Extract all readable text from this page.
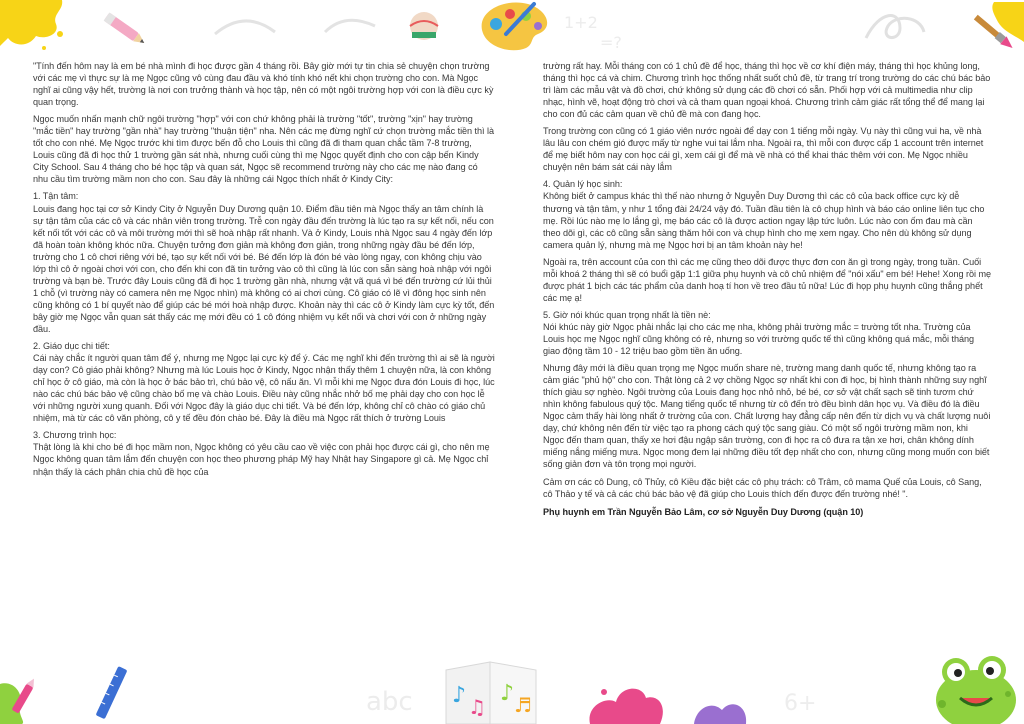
1+2
=?
abc ♪ ♫
♪ ♬	6+

"Tính đến hôm nay là em bé nhà mình đi học được gần 4 tháng rồi. Bây giờ mới tự tin chia sẻ chuyện chọn trường với các mẹ vì thực sự là mẹ Ngọc cũng vô cùng đau đầu và khó tính khó nết khi chọn trường cho con. Mà Ngọc nghĩ ai cũng vậy hết, trường là nơi con trưởng thành và học tập, nên có một ngôi trường hợp với con là điều cực kỳ quan trọng.

Ngọc muốn nhấn mạnh chữ ngôi trường "hợp" với con chứ không phải là trường "tốt", trường "xịn" hay trường "mắc tiền" hay trường "gần nhà" hay trường "thuận tiện" nha. Nên các mẹ đừng nghĩ cứ chọn trường mắc tiền thì là tốt cho con nhé. Mẹ Ngọc trước khi tìm được bến đỗ cho Louis thì cũng đã đi tham quan chắc tầm 7-8 trường, Louis cũng đã đi học thử 1 trường gần sát nhà, nhưng cuối cùng thì mẹ Ngọc quyết định cho con cập bến Kindy City School. Sau 4 tháng cho bé học tập và quan sát, Ngọc sẽ recommend trường này cho các mẹ nào đang có nhu cầu tìm trường mầm non cho con. Sau đây là những cái Ngọc thích nhất ở Kindy City:

1. Tận tâm:

Louis đang học tại cơ sở Kindy City ở Nguyễn Duy Dương quận 10. Điểm đầu tiên mà Ngọc thấy an tâm chính là sự tận tâm của các cô và các nhân viên trong trường. Trễ con ngày đầu đến trường là lúc tạo ra sự kết nối, nếu con kết nối tốt với các cô và môi trường mới thì sẽ hoà nhập rất nhanh. Và ở Kindy, Louis nhà Ngọc sau 4 ngày đến lớp đã hoàn toàn không khóc nữa. Chuyện tưởng đơn giản mà không đơn giản, trong những ngày đầu bé đến lớp, trường cho 1 cô chơi riêng với bé, tạo sự kết nối với bé. Bé đến lớp là đón bé vào lòng ngay, con không chịu vào lớp thì cô ở ngoài chơi với con, cho đến khi con đã tin tưởng vào cô thì cũng là lúc con sẵn sàng hoà nhập với ngôi trường và bạn bè. Trước đây Louis cũng đã đi học 1 trường gần nhà, nhưng vật vã quá vì bé đến trường cứ lủi thủi 1 chỗ (vì trường này có camera nên mẹ Ngọc nhìn) mà không có ai chơi cùng. Cô giáo có lẽ vì đông học sinh nên cũng không có 1 bí quyết nào để giúp các bé mới hoà nhập được. Khoản này thì các cô ở Kindy làm cực kỳ tốt, đến bây giờ mẹ Ngọc vẫn quan sát thấy các mẹ mới đều có 1 cô đóng nhiệm vụ kết nối và chơi với con ở những ngày đầu.

2. Giáo dục chi tiết:

Cái này chắc ít người quan tâm để ý, nhưng mẹ Ngọc lại cực kỳ để ý. Các mẹ nghĩ khi đến trường thì ai sẽ là người dạy con? Cô giáo phải không? Nhưng mà lúc Louis học ở Kindy, Ngọc nhận thấy thêm 1 chuyện nữa, là con không chỉ học ở cô giáo, mà còn là học ở bác bảo trì, chú bảo vệ, cô nấu ăn. Vì mỗi khi mẹ Ngọc đưa đón Louis đi học, lúc nào các chú bác bảo vệ cũng chào bố mẹ và chào Louis. Điều này cũng nhắc nhở bố mẹ phải dạy cho con học lễ với những người xung quanh. Đối với Ngọc đây là giáo dục chi tiết. Và bé đến lớp, không chỉ cô chào có giáo chủ nhiệm, mà từ các cô văn phòng, cô y tế đều đón chào bé. Đây là điều mà Ngọc rất thích ở trường Louis

3. Chương trình học:

Thật lòng là khi cho bé đi học mầm non, Ngọc không có yêu cầu cao về việc con phải học được cái gì, cho nên mẹ Ngọc không quan tâm lắm đến chuyện con học theo phương pháp Mỹ hay Nhật hay Singapore gì cả. Mẹ Ngọc chỉ nhận thấy là cách phân chia chủ đề học của

trường rất hay. Mỗi tháng con có 1 chủ đề để học, tháng thì học về cơ khí điện máy, tháng thì học khủng long, tháng thì học cá và chim. Chương trình học thống nhất suốt chủ đề, từ trang trí trong trường do các chú bác bảo trì làm các mẫu vật và đồ chơi, chứ không sử dụng các đồ chơi có sẵn. Phối hợp với cả multimedia như clip nhạc, hình vẽ, hoạt động trò chơi và cả tham quan ngoại khoá. Chương trình cảm giác rất tổng thể để mang lại cho con đủ các cảm quan về chủ đề mà con đang học.

Trong trường con cũng có 1 giáo viên nước ngoài để dạy con 1 tiếng mỗi ngày. Vụ này thì cũng vui ha, về nhà lâu lâu con chém gió được mấy từ nghe vui tai lắm nha. Ngoài ra, thì mỗi con được cấp 1 account trên internet để mẹ biết hôm nay con học cái gì, xem cái gì để mà về nhà có thể khai thác thêm với con. Mẹ Ngọc nhiều chuyện nên bám sát cái này lắm

4. Quản lý học sinh:

Không biết ở campus khác thì thế nào nhưng ở Nguyễn Duy Dương thì các cô của back office cực kỳ dễ thương và tận tâm, y như 1 tổng đài 24/24 vậy đó. Tuần đầu tiên là cô chụp hình và báo cáo online liên tục cho mẹ. Rồi lúc nào mẹ lo lắng gì, mẹ báo các cô là được action ngay lập tức luôn. Lúc nào con ốm đau mà cần theo dõi gì, các cô cũng sẵn sàng thăm hỏi con và chụp hình cho mẹ xem ngay. Cho nên dù không sử dụng camera quản lý, nhưng mà mẹ Ngọc hơi bị an tâm khoản này he!

Ngoài ra, trên account của con thì các mẹ cũng theo dõi được thực đơn con ăn gì trong ngày, trong tuần. Cuối mỗi khoá 2 tháng thì sẽ có buổi gặp 1:1 giữa phụ huynh và cô chủ nhiệm để "nói xấu" em bé! Hehe! Xong rồi mẹ được phát 1 bịch các tác phẩm của danh hoạ tí hon về treo đầu tủ nữa! Lúc đi họp phụ huynh cũng thắng phết các mẹ ạ!

5. Giờ nói khúc quan trọng nhất là tiền nè:

Nói khúc này giờ Ngọc phải nhắc lại cho các mẹ nha, không phải trường mắc = trường tốt nha. Trường của Louis học mẹ Ngọc nghĩ cũng không có rẻ, nhưng so với trường quốc tế thì cũng không quá mắc, mỗi tháng giao động tầm 10 - 12 triệu bao gồm tiền ăn uống.

Nhưng đây mới là điều quan trọng mẹ Ngọc muốn share nè, trường mang danh quốc tế, nhưng không tạo ra cảm giác "phủ hộ" cho con. Thật lòng cả 2 vợ chồng Ngọc sợ nhất khi con đi học, bị hình thành những suy nghĩ thích giàu sợ nghèo. Ngôi trường của Louis đang học nhỏ nhỏ, bé bé, cơ sở vật chất sạch sẽ tinh tươm chứ nhìn không fabulous quý tộc. Mang tiếng quốc tế nhưng từ cô đến trò đều bình dân học vụ. Và điều đó là điều Ngọc cảm thấy hài lòng nhất ở trường của con. Chất lượng hay đẳng cấp nên đến từ dịch vụ và chất lượng nuôi dạy, chứ không nên đến từ việc tạo ra phong cách quý tộc sang giàu. Có một số ngôi trường mầm non, khi Ngọc đến tham quan, thấy xe hơi đậu ngập sân trường, con đi học ra cô đưa ra tận xe hơi, chân không dính miếng nắng miếng mưa. Ngọc mong đem lại những điều tốt đẹp nhất cho con, nhưng cũng mong muốn con biết sống giản đơn và tôn trọng mọi người.

Cảm ơn các cô Dung, cô Thủy, cô Kiều đặc biệt các cô phụ trách: cô Trâm, cô mama Quế của Louis, cô Sang, cô Thảo y tế và cả các chú bác bảo vệ đã giúp cho Louis thích đến được đến trường nhé! ".

Phụ huynh em Trần Nguyễn Bảo Lâm, cơ sở Nguyễn Duy Dương (quận 10)
